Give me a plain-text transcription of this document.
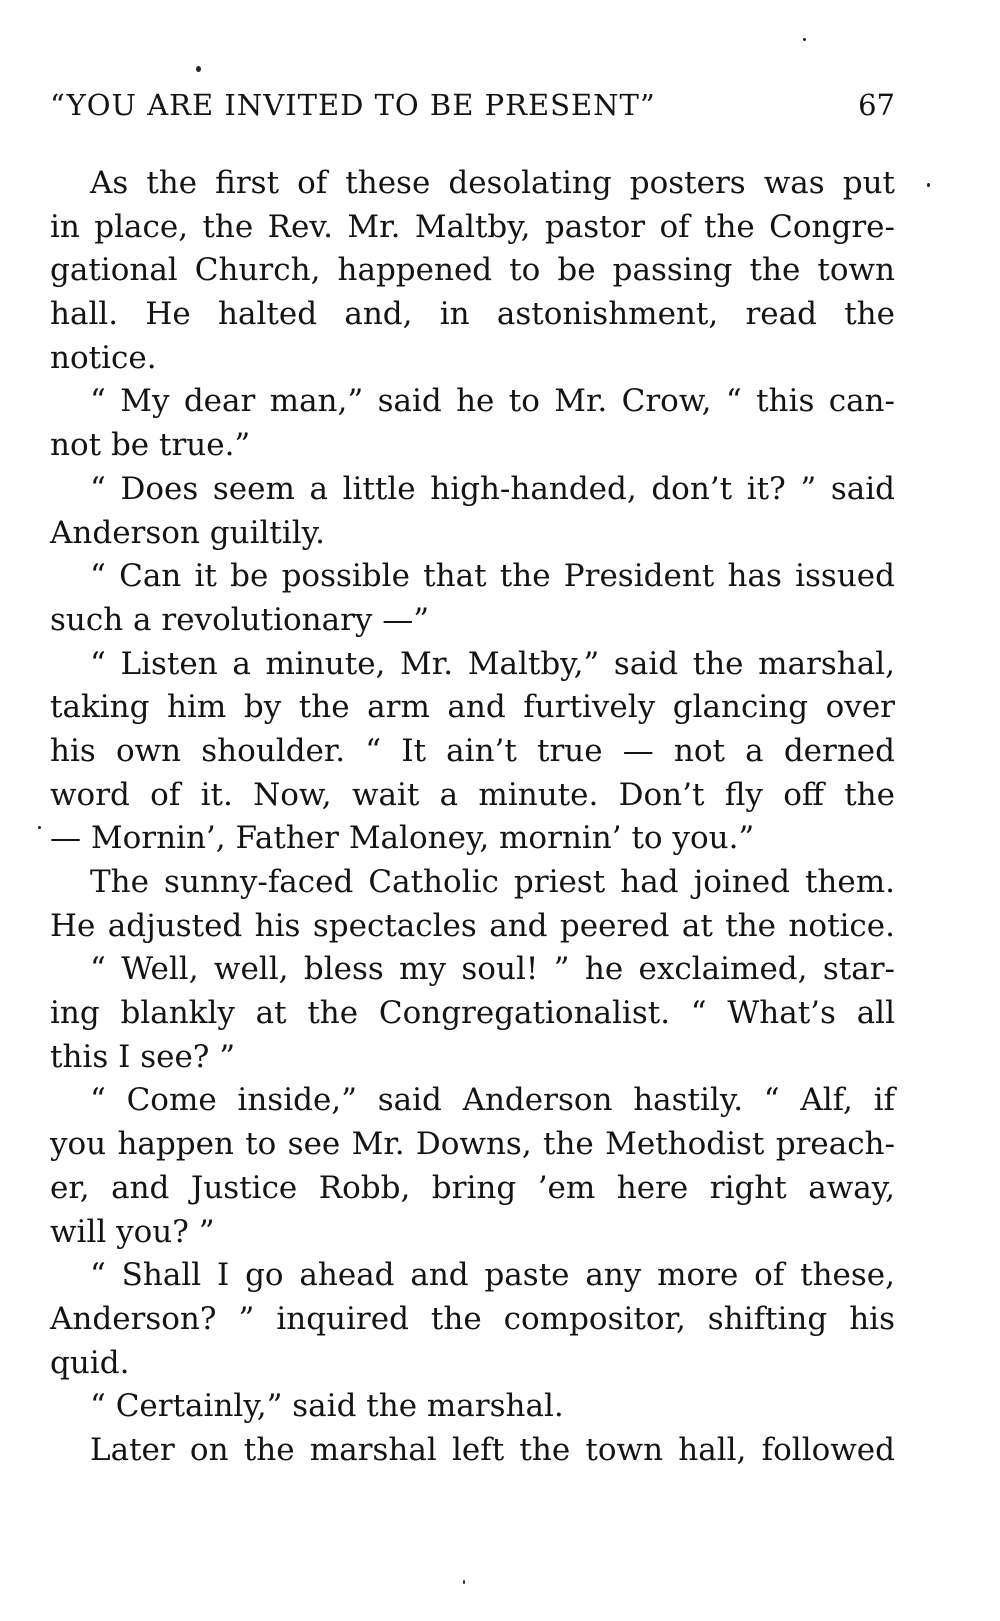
“YOU ARE INVITED TO BE PRESENT”	67
As the first of these desolating posters was put
in place, the Rev. Mr. Maltby, pastor of the Congre-
gational Church, happened to be passing the town
hall. He halted and, in astonishment, read the
notice.
“ My dear man,” said he to Mr. Crow, “ this can-
not be true.”
“ Does seem a little high-handed, don’t it? ” said
Anderson guiltily.
“ Can it be possible that the President has issued
such a revolutionary —”
“ Listen a minute, Mr. Maltby,” said the marshal,
taking him by the arm and furtively glancing over
his own shoulder. “ It ain’t true — not a derned
word of it. Now, wait a minute. Don’t fly off the
— Mornin’, Father Maloney, mornin’ to you.”
The sunny-faced Catholic priest had joined them.
He adjusted his spectacles and peered at the notice.
“ Well, well, bless my soul! ” he exclaimed, star-
ing blankly at the Congregationalist. “ What’s all
this I see? ”
“ Come inside,” said Anderson hastily. “ Alf, if
you happen to see Mr. Downs, the Methodist preach-
er, and Justice Robb, bring ’em here right away,
will you? ”
“ Shall I go ahead and paste any more of these,
Anderson? ” inquired the compositor, shifting his
quid.
“ Certainly,” said the marshal.
Later on the marshal left the town hall, followed
